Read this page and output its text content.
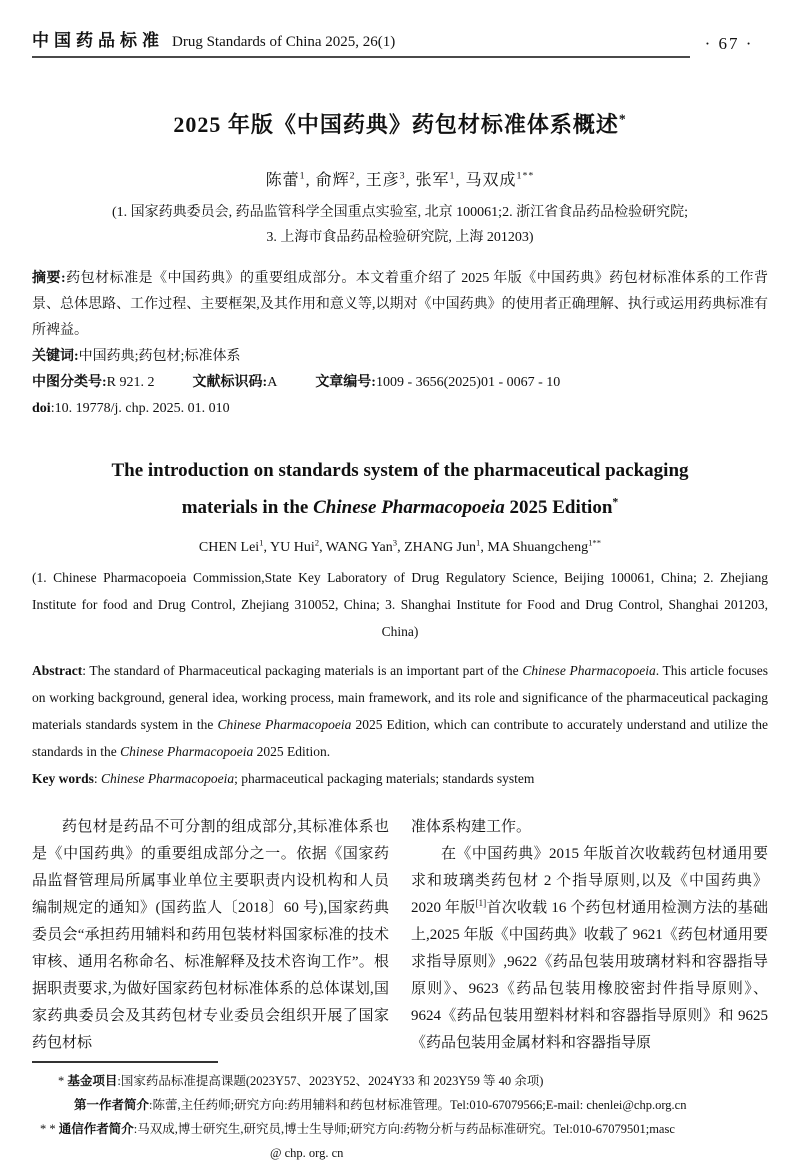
中国药品标准 Drug Standards of China 2025, 26(1)	· 67 ·
2025 年版《中国药典》药包材标准体系概述*
陈蕾$^1$, 俞辉$^2$, 王彦$^3$, 张军$^1$, 马双成$^{1**}$
(1. 国家药典委员会, 药品监管科学全国重点实验室, 北京 100061;2. 浙江省食品药品检验研究院;
3. 上海市食品药品检验研究院, 上海 201203)
摘要:药包材标准是《中国药典》的重要组成部分。本文着重介绍了 2025 年版《中国药典》药包材标准体系的工作背景、总体思路、工作过程、主要框架,及其作用和意义等,以期对《中国药典》的使用者正确理解、执行或运用药典标准有所裨益。
关键词:中国药典;药包材;标准体系
中图分类号:R 921. 2	文献标识码:A	文章编号:1009 - 3656(2025)01 - 0067 - 10
doi:10. 19778/j. chp. 2025. 01. 010
The introduction on standards system of the pharmaceutical packaging materials in the Chinese Pharmacopoeia 2025 Edition*
CHEN Lei$^1$, YU Hui$^2$, WANG Yan$^3$, ZHANG Jun$^1$, MA Shuangcheng$^{1**}$
(1. Chinese Pharmacopoeia Commission,State Key Laboratory of Drug Regulatory Science, Beijing 100061, China; 2. Zhejiang Institute for food and Drug Control, Zhejiang 310052, China; 3. Shanghai Institute for Food and Drug Control, Shanghai 201203, China)
Abstract: The standard of Pharmaceutical packaging materials is an important part of the Chinese Pharmacopoeia. This article focuses on working background, general idea, working process, main framework, and its role and significance of the pharmaceutical packaging materials standards system in the Chinese Pharmacopoeia 2025 Edition, which can contribute to accurately understand and utilize the standards in the Chinese Pharmacopoeia 2025 Edition.
Key words: Chinese Pharmacopoeia; pharmaceutical packaging materials; standards system
药包材是药品不可分割的组成部分,其标准体系也是《中国药典》的重要组成部分之一。依据《国家药品监督管理局所属事业单位主要职责内设机构和人员编制规定的通知》(国药监人〔2018〕60 号),国家药典委员会“承担药用辅料和药用包装材料国家标准的技术审核、通用名称命名、标准解释及技术咨询工作”。根据职责要求,为做好国家药包材标准体系的总体谋划,国家药典委员会及其药包材专业委员会组织开展了国家药包材标
准体系构建工作。
在《中国药典》2015 年版首次收载药包材通用要求和玻璃类药包材 2 个指导原则,以及《中国药典》2020 年版[1]首次收载 16 个药包材通用检测方法的基础上,2025 年版《中国药典》收载了 9621《药包材通用要求指导原则》,9622《药品包装用玻璃材料和容器指导原则》、9623《药品包装用橡胶密封件指导原则》、9624《药品包装用塑料材料和容器指导原则》和 9625《药品包装用金属材料和容器指导原
* 基金项目:国家药品标准提高课题(2023Y57、2023Y52、2024Y33 和 2023Y59 等 40 余项)
第一作者简介:陈蕾,主任药师;研究方向:药用辅料和药包材标准管理。Tel:010-67079566;E-mail: chenlei@chp.org.cn
* * 通信作者简介:马双成,博士研究生,研究员,博士生导师;研究方向:药物分析与药品标准研究。Tel:010-67079501;masc
@ chp. org. cn
